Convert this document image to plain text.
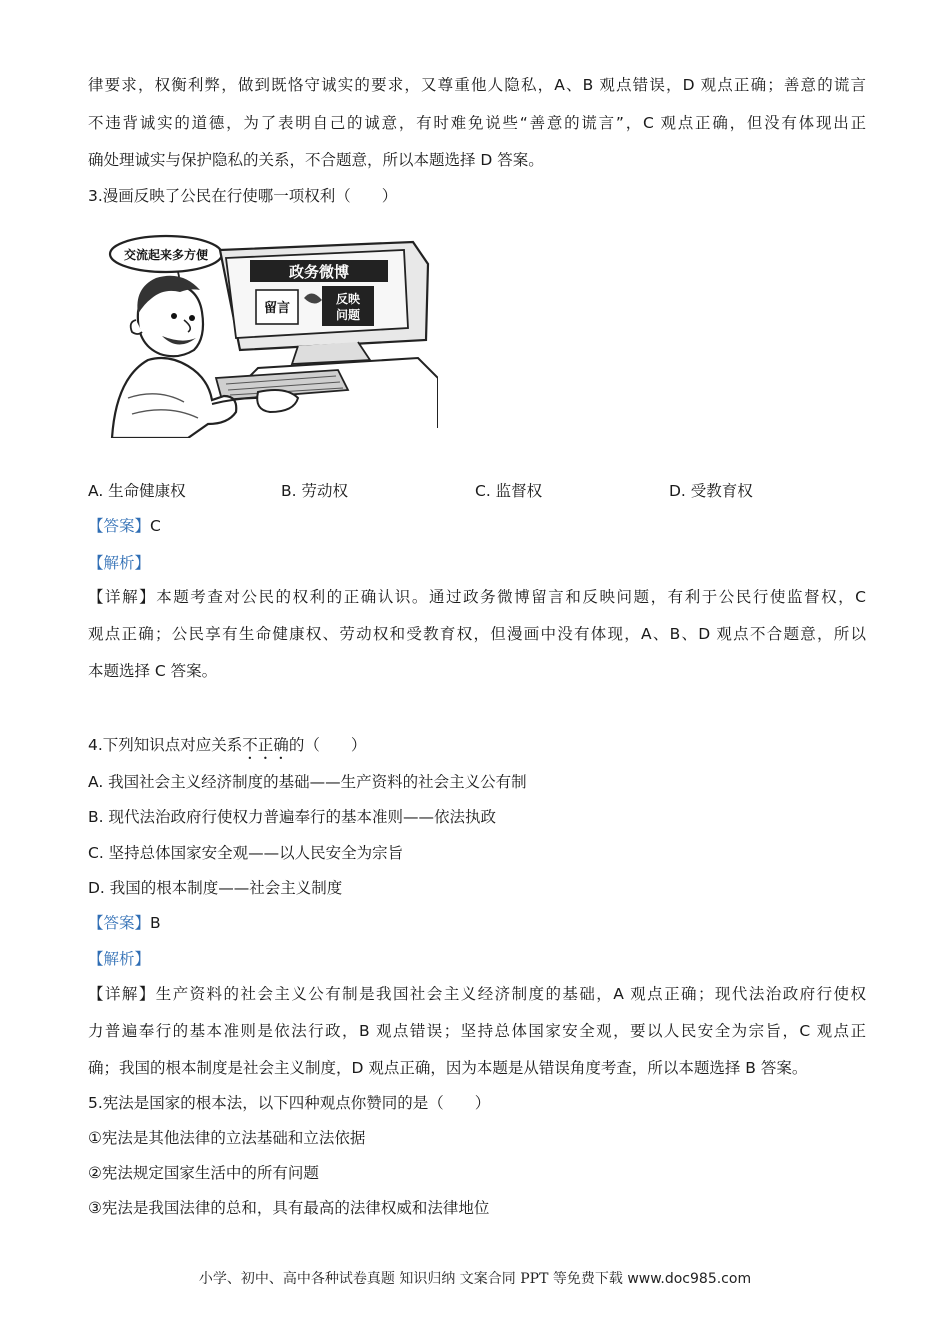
律要求，权衡利弊，做到既恪守诚实的要求，又尊重他人隐私，A、B 观点错误，D 观点正确；善意的谎言
不违背诚实的道德，为了表明自己的诚意，有时难免说些“善意的谎言”，C 观点正确，但没有体现出正
确处理诚实与保护隐私的关系，不合题意，所以本题选择 D 答案。
3.漫画反映了公民在行使哪一项权利（　　）
交流起来多方便
政务微博
留言
反映
问题
A. 生命健康权	B. 劳动权	C. 监督权	D. 受教育权
【答案】C
【解析】
【详解】本题考查对公民的权利的正确认识。通过政务微博留言和反映问题，有利于公民行使监督权，C
观点正确；公民享有生命健康权、劳动权和受教育权，但漫画中没有体现，A、B、D 观点不合题意，所以
本题选择 C 答案。
4.下列知识点对应关系不正确的（　　）
A. 我国社会主义经济制度的基础——生产资料的社会主义公有制
B. 现代法治政府行使权力普遍奉行的基本准则——依法执政
C. 坚持总体国家安全观——以人民安全为宗旨
D. 我国的根本制度——社会主义制度
【答案】B
【解析】
【详解】生产资料的社会主义公有制是我国社会主义经济制度的基础，A 观点正确；现代法治政府行使权
力普遍奉行的基本准则是依法行政，B 观点错误；坚持总体国家安全观，要以人民安全为宗旨，C 观点正
确；我国的根本制度是社会主义制度，D 观点正确，因为本题是从错误角度考查，所以本题选择 B 答案。
5.宪法是国家的根本法，以下四种观点你赞同的是（　　）
①宪法是其他法律的立法基础和立法依据
②宪法规定国家生活中的所有问题
③宪法是我国法律的总和，具有最高的法律权威和法律地位
小学、初中、高中各种试卷真题 知识归纳 文案合同 PPT 等免费下载 www.doc985.com
